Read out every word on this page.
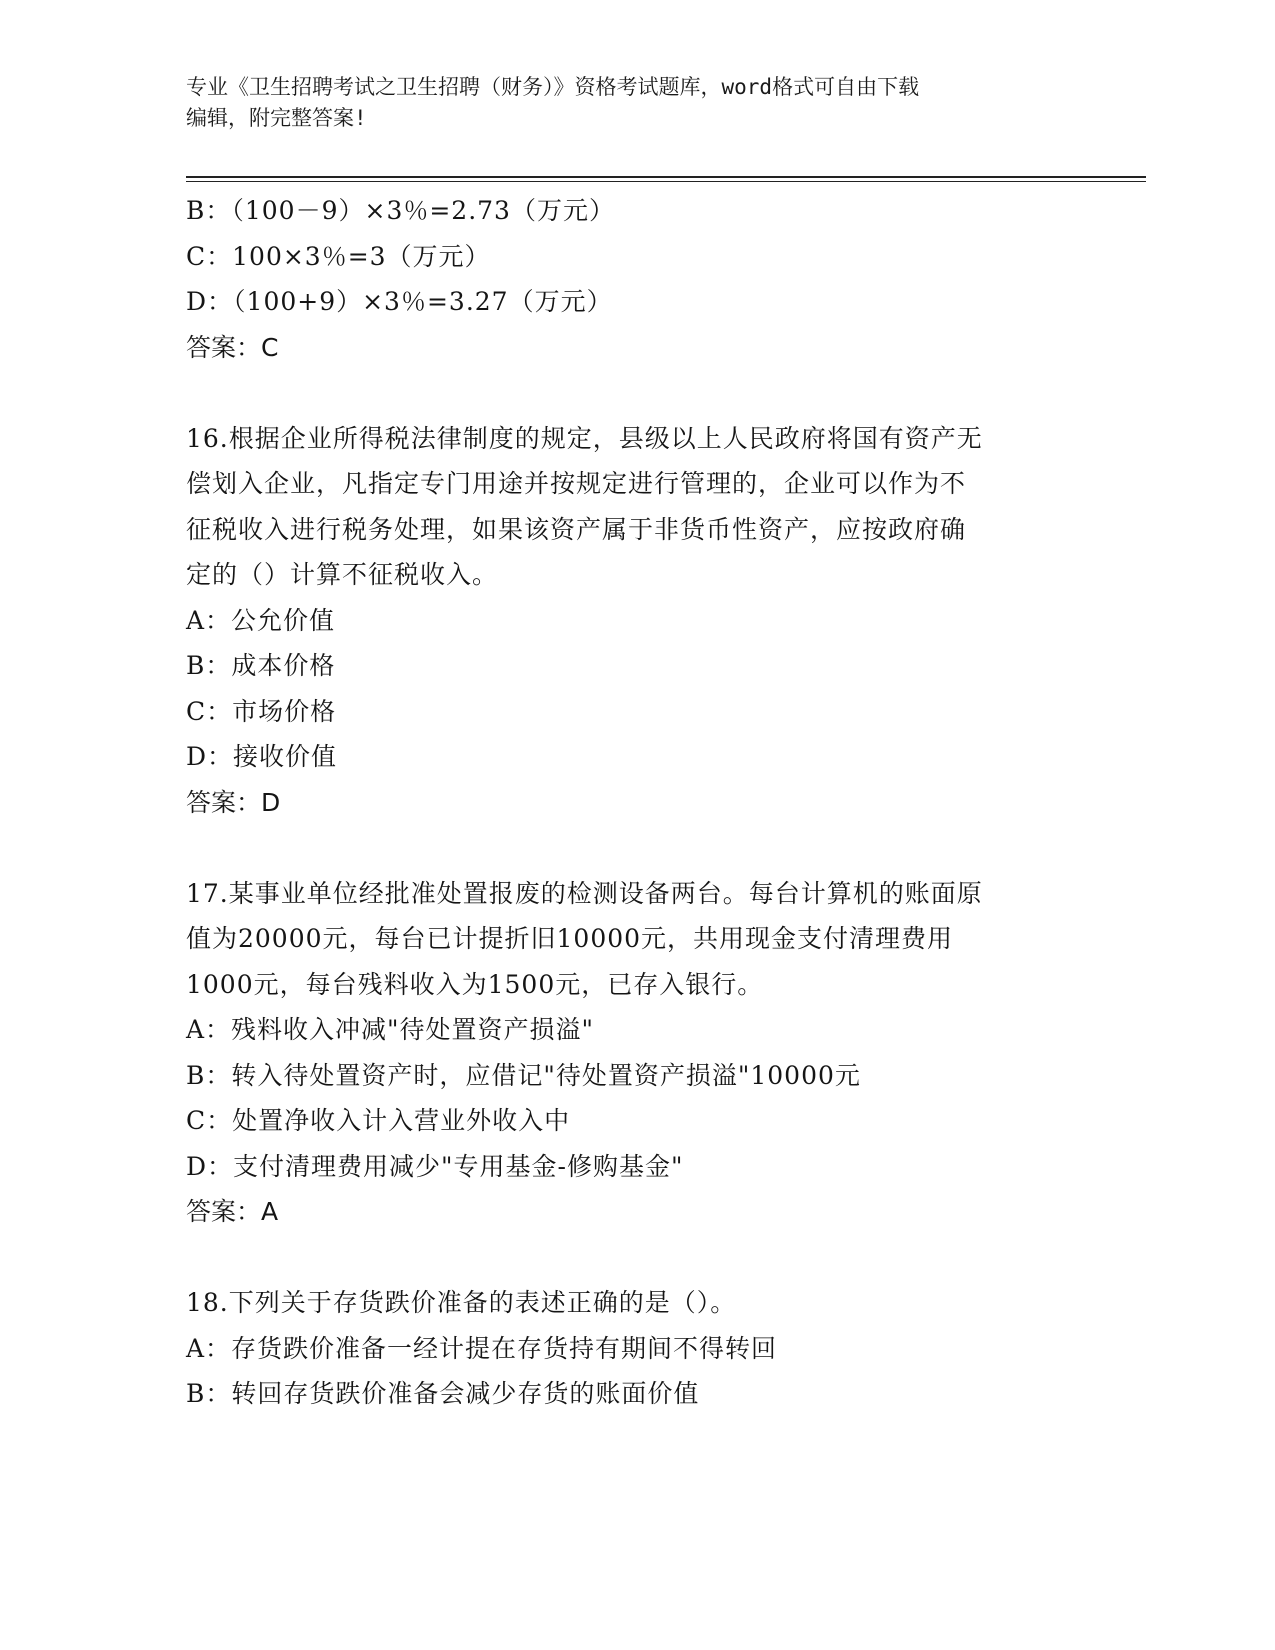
专业《卫生招聘考试之卫生招聘（财务）》资格考试题库，word格式可自由下载
编辑，附完整答案!
B：（100－9）×3％=2.73（万元）
C：100×3％=3（万元）
D：（100+9）×3％=3.27（万元）
答案：C
16.根据企业所得税法律制度的规定，县级以上人民政府将国有资产无
偿划入企业，凡指定专门用途并按规定进行管理的，企业可以作为不
征税收入进行税务处理，如果该资产属于非货币性资产，应按政府确
定的（）计算不征税收入。
A：公允价值
B：成本价格
C：市场价格
D：接收价值
答案：D
17.某事业单位经批准处置报废的检测设备两台。每台计算机的账面原
值为20000元，每台已计提折旧10000元，共用现金支付清理费用
1000元，每台残料收入为1500元，已存入银行。
A：残料收入冲减"待处置资产损溢"
B：转入待处置资产时，应借记"待处置资产损溢"10000元
C：处置净收入计入营业外收入中
D：支付清理费用减少"专用基金-修购基金"
答案：A
18.下列关于存货跌价准备的表述正确的是（）。
A：存货跌价准备一经计提在存货持有期间不得转回
B：转回存货跌价准备会减少存货的账面价值
